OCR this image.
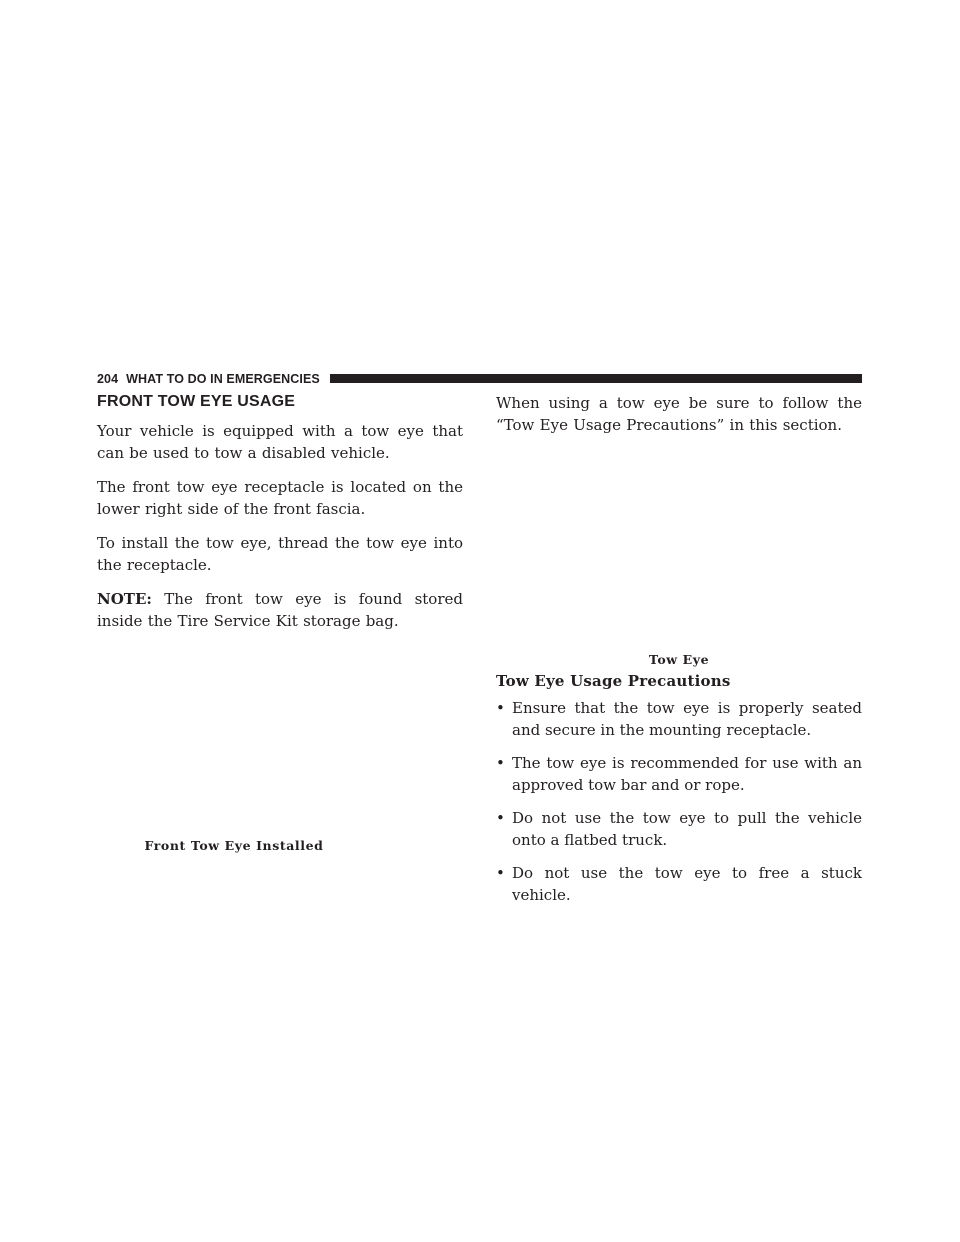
204 WHAT TO DO IN EMERGENCIES
FRONT TOW EYE USAGE

Your vehicle is equipped with a tow eye that can be used to tow a disabled vehicle.

The front tow eye receptacle is located on the lower right side of the front fascia.

To install the tow eye, thread the tow eye into the receptacle.

NOTE: The front tow eye is found stored inside the Tire Service Kit storage bag.

Front Tow Eye Installed

When using a tow eye be sure to follow the “Tow Eye Usage Precautions” in this section.

Tow Eye
Tow Eye Usage Precautions
• Ensure that the tow eye is properly seated and secure in the mounting receptacle.
• The tow eye is recommended for use with an approved tow bar and or rope.
• Do not use the tow eye to pull the vehicle onto a flatbed truck.
• Do not use the tow eye to free a stuck vehicle.
